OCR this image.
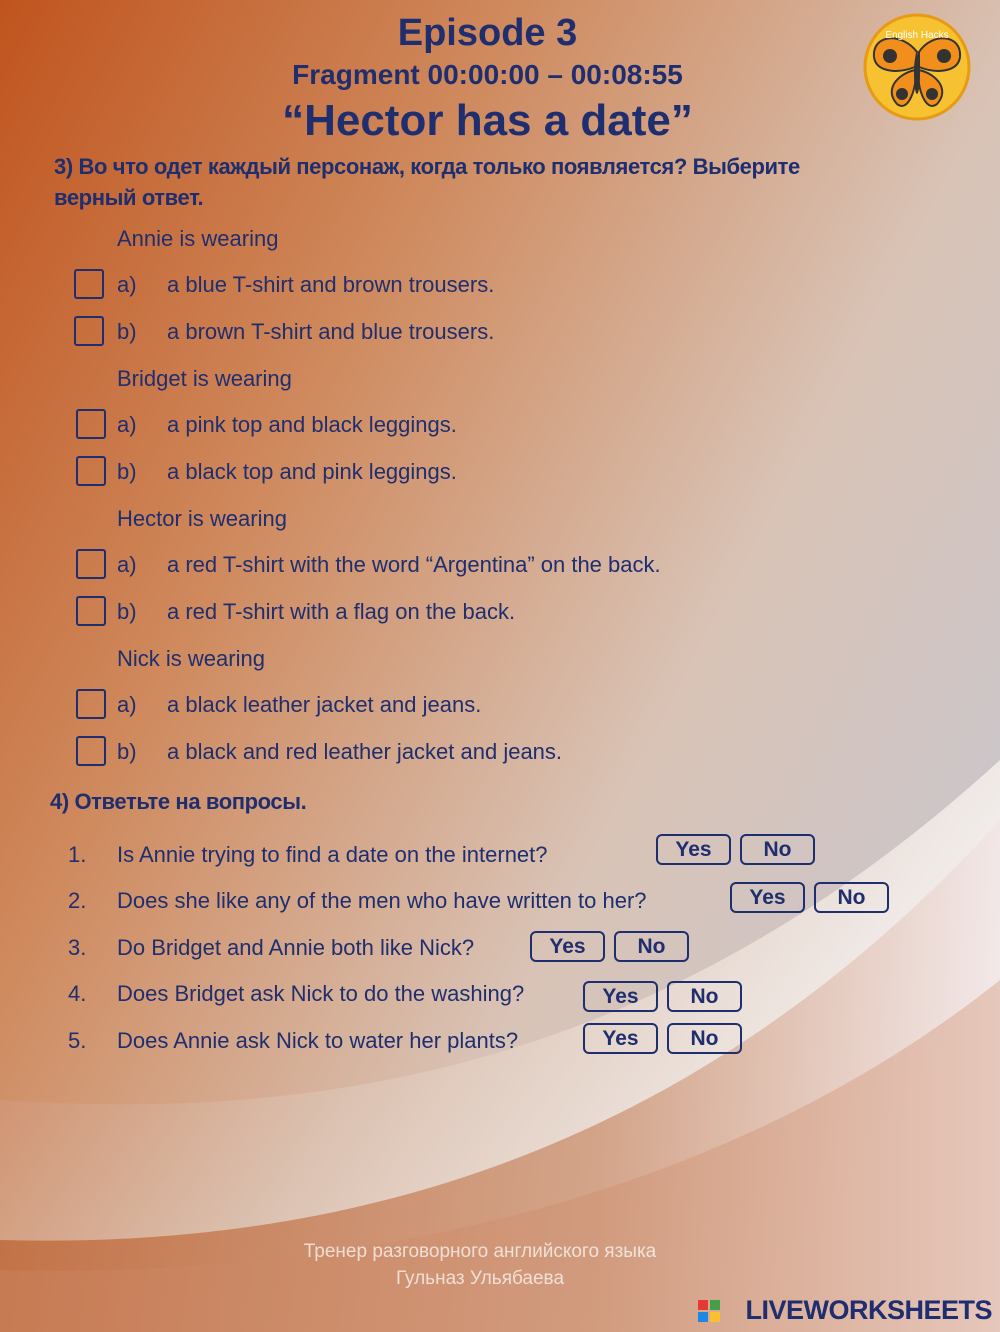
Episode 3
Fragment 00:00:00 – 00:08:55
“Hector has a date”
English Hacks
3) Во что одет каждый персонаж, когда только появляется? Выберите верный ответ.
Annie is wearing
a) a blue T-shirt and brown trousers.
b) a brown T-shirt and blue trousers.
Bridget is wearing
a) a pink top and black leggings.
b) a black top and pink leggings.
Hector is wearing
a) a red T-shirt with the word “Argentina” on the back.
b) a red T-shirt with a flag on the back.
Nick is wearing
a) a black leather jacket and jeans.
b) a black and red leather jacket and jeans.
4) Ответьте на вопросы.
1. Is Annie trying to find a date on the internet?	Yes	No
2. Does she like any of the men who have written to her?	Yes	No
3. Do Bridget and Annie both like Nick?	Yes	No
4. Does Bridget ask Nick to do the washing?	Yes	No
5. Does Annie ask Nick to water her plants?	Yes	No
Тренер разговорного английского языка
Гульназ Ульябаева
LIVEWORKSHEETS
